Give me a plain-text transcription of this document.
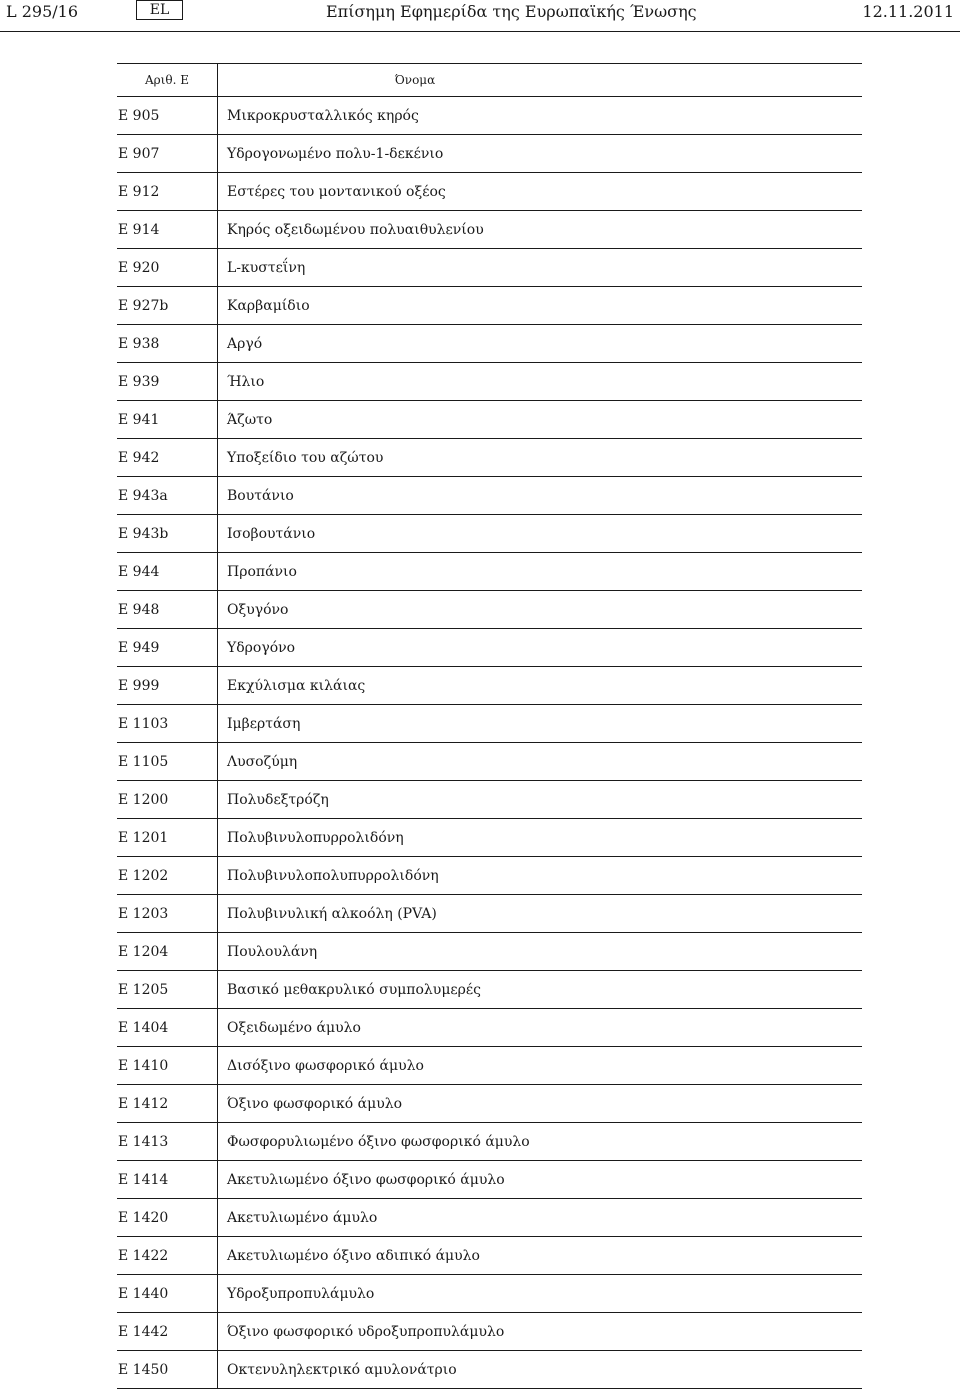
L 295/16	EL	Επίσημη Εφημερίδα της Ευρωπαϊκής Ένωσης	12.11.2011
Αριθ. Ε	Όνομα
E 905	Μικροκρυσταλλικός κηρός
E 907	Υδρογονωμένο πολυ-1-δεκένιο
E 912	Εστέρες του μοντανικού οξέος
E 914	Κηρός οξειδωμένου πολυαιθυλενίου
E 920	L-κυστεΐνη
E 927b	Καρβαμίδιο
E 938	Αργό
E 939	Ήλιο
E 941	Άζωτο
E 942	Υποξείδιο του αζώτου
E 943a	Βουτάνιο
E 943b	Ισοβουτάνιο
E 944	Προπάνιο
E 948	Οξυγόνο
E 949	Υδρογόνο
E 999	Εκχύλισμα κιλάιας
E 1103	Ιμβερτάση
E 1105	Λυσοζύμη
E 1200	Πολυδεξτρόζη
E 1201	Πολυβινυλοπυρρολιδόνη
E 1202	Πολυβινυλοπολυπυρρολιδόνη
E 1203	Πολυβινυλική αλκοόλη (PVA)
E 1204	Πουλουλάνη
E 1205	Βασικό μεθακρυλικό συμπολυμερές
E 1404	Οξειδωμένο άμυλο
E 1410	Δισόξινο φωσφορικό άμυλο
E 1412	Όξινο φωσφορικό άμυλο
E 1413	Φωσφορυλιωμένο όξινο φωσφορικό άμυλο
E 1414	Ακετυλιωμένο όξινο φωσφορικό άμυλο
E 1420	Ακετυλιωμένο άμυλο
E 1422	Ακετυλιωμένο όξινο αδιπικό άμυλο
E 1440	Υδροξυπροπυλάμυλο
E 1442	Όξινο φωσφορικό υδροξυπροπυλάμυλο
E 1450	Οκτενυληλεκτρικό αμυλονάτριο
